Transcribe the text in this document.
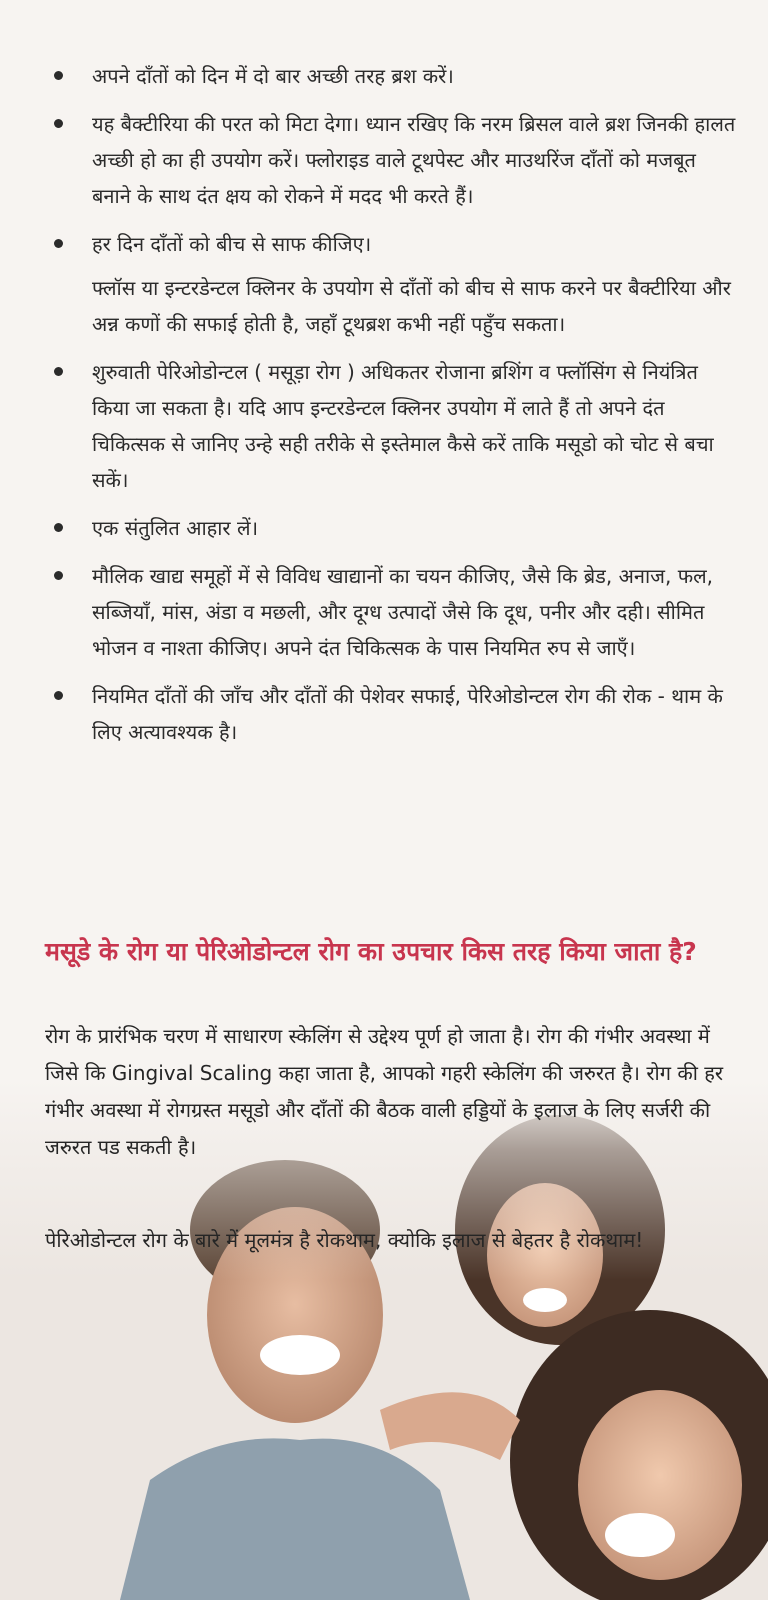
अपने दाँतों को दिन में दो बार अच्छी तरह ब्रश करें।

यह बैक्टीरिया की परत को मिटा देगा। ध्यान रखिए कि नरम ब्रिसल वाले ब्रश जिनकी हालत अच्छी हो का ही उपयोग करें। फ्लोराइड वाले टूथपेस्ट और माउथरिंज दाँतों को मजबूत बनाने के साथ दंत क्षय को रोकने में मदद भी करते हैं।

हर दिन दाँतों को बीच से साफ कीजिए।

फ्लॉस या इन्टरडेन्टल क्लिनर के उपयोग से दाँतों को बीच से साफ करने पर बैक्टीरिया और अन्न कणों की सफाई होती है, जहाँ टूथब्रश कभी नहीं पहुँच सकता।

शुरुवाती पेरिओडोन्टल ( मसूड़ा रोग ) अधिकतर रोजाना ब्रशिंग व फ्लॉसिंग से नियंत्रित किया जा सकता है। यदि आप इन्टरडेन्टल क्लिनर उपयोग में लाते हैं तो अपने दंत चिकित्सक से जानिए उन्हे सही तरीके से इस्तेमाल कैसे करें ताकि मसूडो को चोट से बचा सकें।

एक संतुलित आहार लें।

मौलिक खाद्य समूहों में से विविध खाद्यानों का चयन कीजिए, जैसे कि ब्रेड, अनाज, फल, सब्जियाँ, मांस, अंडा व मछली, और दूग्ध उत्पादों जैसे कि दूध, पनीर और दही। सीमित भोजन व नाश्ता कीजिए। अपने दंत चिकित्सक के पास नियमित रुप से जाएँ।

नियमित दाँतों की जाँच और दाँतों की पेशेवर सफाई, पेरिओडोन्टल रोग की रोक - थाम के लिए अत्यावश्यक है।

मसूडे के रोग या पेरिओडोन्टल रोग का उपचार किस तरह किया जाता है?

रोग के प्रारंभिक चरण में साधारण स्केलिंग से उद्देश्य पूर्ण हो जाता है। रोग की गंभीर अवस्था में जिसे कि Gingival Scaling कहा जाता है, आपको गहरी स्केलिंग की जरुरत है। रोग की हर गंभीर अवस्था में रोगग्रस्त मसूडो और दाँतों की बैठक वाली हड्डियों के इलाज के लिए सर्जरी की जरुरत पड सकती है।

पेरिओडोन्टल रोग के बारे में मूलमंत्र है रोकथाम, क्योकि इलाज से बेहतर है रोकथाम!
